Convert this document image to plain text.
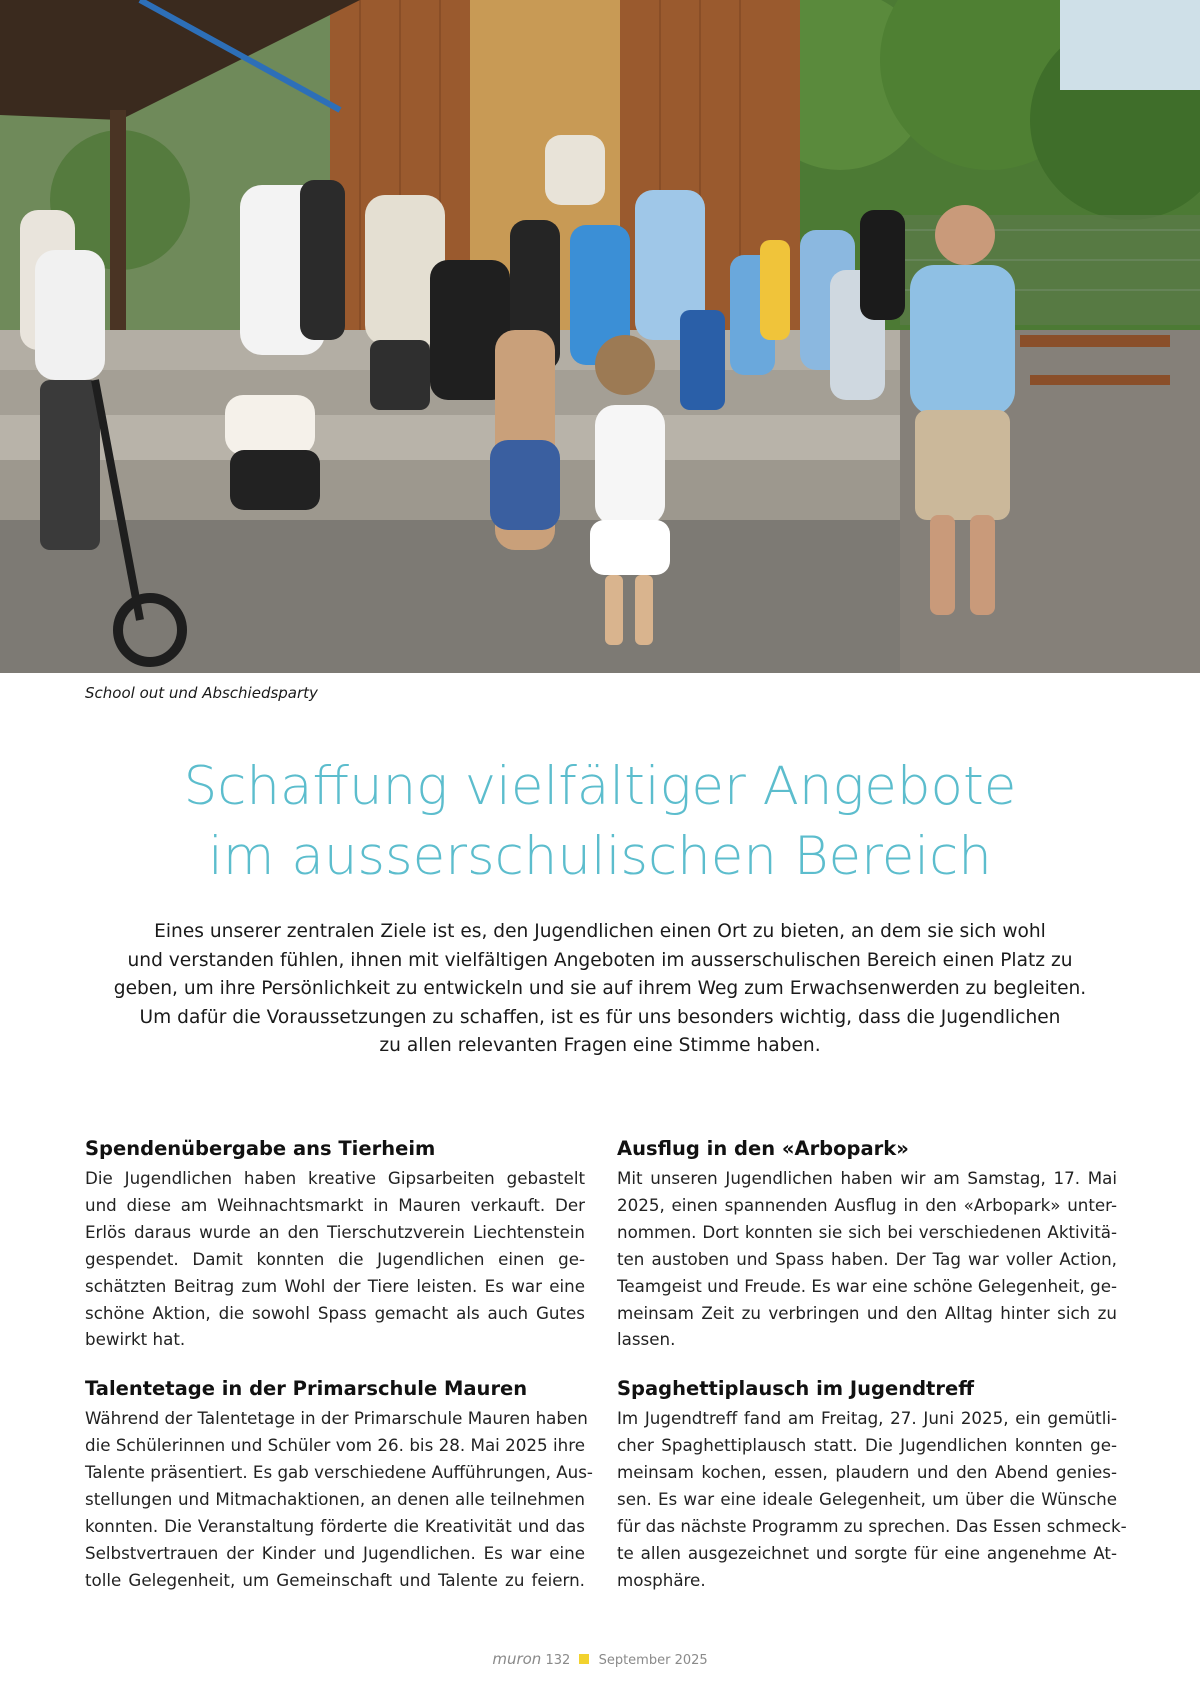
School out und Abschiedsparty
Schaffung vielfältiger Angebote
im ausserschulischen Bereich
Eines unserer zentralen Ziele ist es, den Jugendlichen einen Ort zu bieten, an dem sie sich wohl
und verstanden fühlen, ihnen mit vielfältigen Angeboten im ausserschulischen Bereich einen Platz zu
geben, um ihre Persönlichkeit zu entwickeln und sie auf ihrem Weg zum Erwachsenwerden zu begleiten.
Um dafür die Voraussetzungen zu schaffen, ist es für uns besonders wichtig, dass die Jugendlichen
zu allen relevanten Fragen eine Stimme haben.
Spendenübergabe ans Tierheim
Die Jugendlichen haben kreative Gipsarbeiten gebastelt
und diese am Weihnachtsmarkt in Mauren verkauft. Der
Erlös daraus wurde an den Tierschutzverein Liechtenstein
gespendet. Damit konnten die Jugendlichen einen ge-
schätzten Beitrag zum Wohl der Tiere leisten. Es war eine
schöne Aktion, die sowohl Spass gemacht als auch Gutes
bewirkt hat.
Talentetage in der Primarschule Mauren
Während der Talentetage in der Primarschule Mauren haben
die Schülerinnen und Schüler vom 26. bis 28. Mai 2025 ihre
Talente präsentiert. Es gab verschiedene Aufführungen, Aus-
stellungen und Mitmachaktionen, an denen alle teilnehmen
konnten. Die Veranstaltung förderte die Kreativität und das
Selbstvertrauen der Kinder und Jugendlichen. Es war eine
tolle Gelegenheit, um Gemeinschaft und Talente zu feiern.
Ausflug in den «Arbopark»
Mit unseren Jugendlichen haben wir am Samstag, 17. Mai
2025, einen spannenden Ausflug in den «Arbopark» unter-
nommen. Dort konnten sie sich bei verschiedenen Aktivitä-
ten austoben und Spass haben. Der Tag war voller Action,
Teamgeist und Freude. Es war eine schöne Gelegenheit, ge-
meinsam Zeit zu verbringen und den Alltag hinter sich zu
lassen.
Spaghettiplausch im Jugendtreff
Im Jugendtreff fand am Freitag, 27. Juni 2025, ein gemütli-
cher Spaghettiplausch statt. Die Jugendlichen konnten ge-
meinsam kochen, essen, plaudern und den Abend genies-
sen. Es war eine ideale Gelegenheit, um über die Wünsche
für das nächste Programm zu sprechen. Das Essen schmeck-
te allen ausgezeichnet und sorgte für eine angenehme At-
mosphäre.
muron 132 September 2025
